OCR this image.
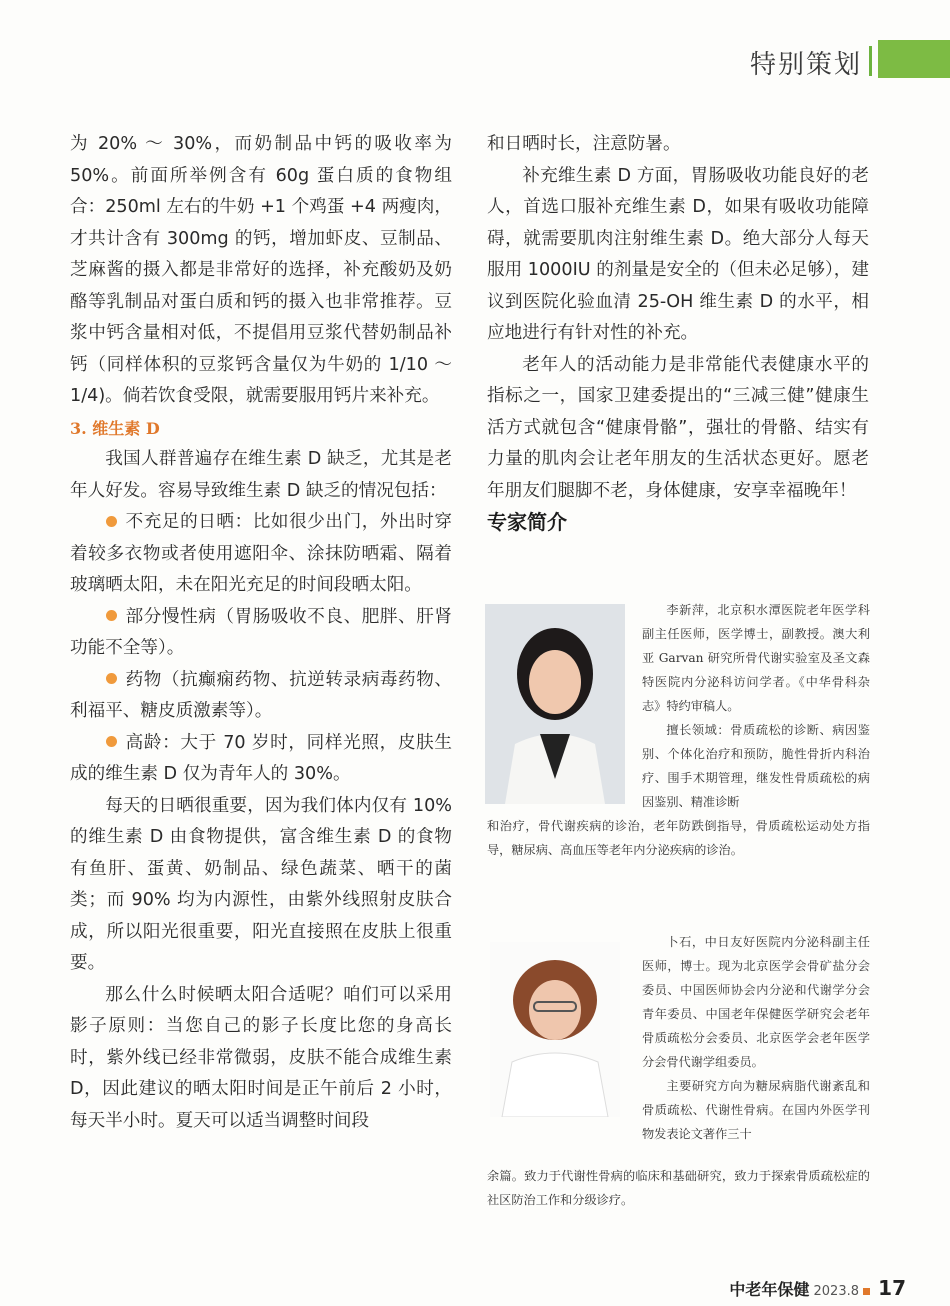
特别策划

为 20% ～ 30%，而奶制品中钙的吸收率为 50%。前面所举例含有 60g 蛋白质的食物组合：250ml 左右的牛奶 +1 个鸡蛋 +4 两瘦肉，才共计含有 300mg 的钙，增加虾皮、豆制品、芝麻酱的摄入都是非常好的选择，补充酸奶及奶酪等乳制品对蛋白质和钙的摄入也非常推荐。豆浆中钙含量相对低，不提倡用豆浆代替奶制品补钙（同样体积的豆浆钙含量仅为牛奶的 1/10 ～ 1/4)。倘若饮食受限，就需要服用钙片来补充。

3. 维生素 D

我国人群普遍存在维生素 D 缺乏，尤其是老年人好发。容易导致维生素 D 缺乏的情况包括：

不充足的日晒：比如很少出门，外出时穿着较多衣物或者使用遮阳伞、涂抹防晒霜、隔着玻璃晒太阳，未在阳光充足的时间段晒太阳。

部分慢性病（胃肠吸收不良、肥胖、肝肾功能不全等）。

药物（抗癫痫药物、抗逆转录病毒药物、利福平、糖皮质激素等）。

高龄：大于 70 岁时，同样光照，皮肤生成的维生素 D 仅为青年人的 30%。

每天的日晒很重要，因为我们体内仅有 10% 的维生素 D 由食物提供，富含维生素 D 的食物有鱼肝、蛋黄、奶制品、绿色蔬菜、晒干的菌类；而 90% 均为内源性，由紫外线照射皮肤合成，所以阳光很重要，阳光直接照在皮肤上很重要。

那么什么时候晒太阳合适呢？咱们可以采用影子原则：当您自己的影子长度比您的身高长时，紫外线已经非常微弱，皮肤不能合成维生素 D，因此建议的晒太阳时间是正午前后 2 小时，每天半小时。夏天可以适当调整时间段

和日晒时长，注意防暑。

补充维生素 D 方面，胃肠吸收功能良好的老人，首选口服补充维生素 D，如果有吸收功能障碍，就需要肌肉注射维生素 D。绝大部分人每天服用 1000IU 的剂量是安全的（但未必足够），建议到医院化验血清 25-OH 维生素 D 的水平，相应地进行有针对性的补充。

老年人的活动能力是非常能代表健康水平的指标之一，国家卫建委提出的“三减三健”健康生活方式就包含“健康骨骼”，强壮的骨骼、结实有力量的肌肉会让老年朋友的生活状态更好。愿老年朋友们腿脚不老，身体健康，安享幸福晚年！

专家简介

李新萍，北京积水潭医院老年医学科副主任医师，医学博士，副教授。澳大利亚 Garvan 研究所骨代谢实验室及圣文森特医院内分泌科访问学者。《中华骨科杂志》特约审稿人。

擅长领域：骨质疏松的诊断、病因鉴别、个体化治疗和预防，脆性骨折内科治疗、围手术期管理，继发性骨质疏松的病因鉴别、精准诊断

和治疗，骨代谢疾病的诊治，老年防跌倒指导，骨质疏松运动处方指导，糖尿病、高血压等老年内分泌疾病的诊治。

卜石，中日友好医院内分泌科副主任医师，博士。现为北京医学会骨矿盐分会委员、中国医师协会内分泌和代谢学分会青年委员、中国老年保健医学研究会老年骨质疏松分会委员、北京医学会老年医学分会骨代谢学组委员。

主要研究方向为糖尿病脂代谢紊乱和骨质疏松、代谢性骨病。在国内外医学刊物发表论文著作三十

余篇。致力于代谢性骨病的临床和基础研究，致力于探索骨质疏松症的社区防治工作和分级诊疗。

中老年保健 2023.8 17
